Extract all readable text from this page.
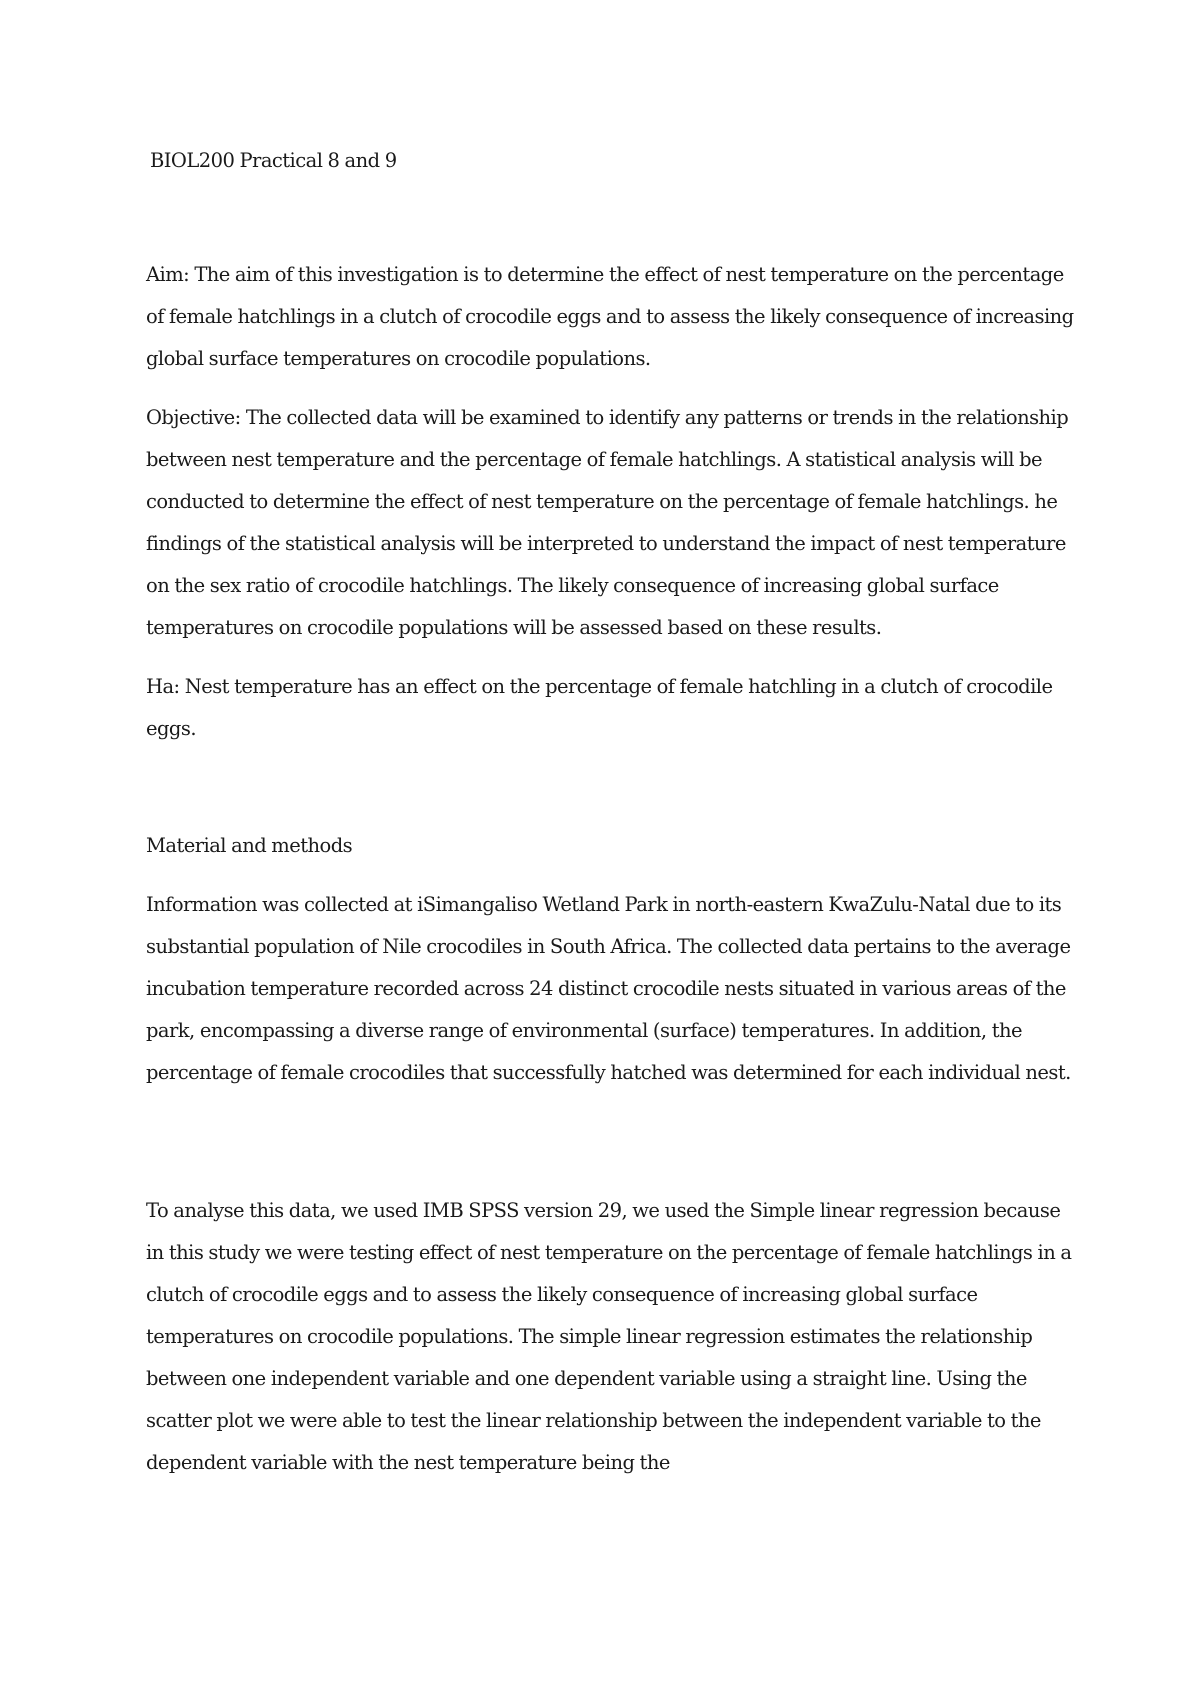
BIOL200 Practical 8 and 9

Aim: The aim of this investigation is to determine the effect of nest temperature on the percentage of female hatchlings in a clutch of crocodile eggs and to assess the likely consequence of increasing global surface temperatures on crocodile populations.

Objective: The collected data will be examined to identify any patterns or trends in the relationship between nest temperature and the percentage of female hatchlings. A statistical analysis will be conducted to determine the effect of nest temperature on the percentage of female hatchlings. he findings of the statistical analysis will be interpreted to understand the impact of nest temperature on the sex ratio of crocodile hatchlings. The likely consequence of increasing global surface temperatures on crocodile populations will be assessed based on these results.

Ha: Nest temperature has an effect on the percentage of female hatchling in a clutch of crocodile eggs.

Material and methods

Information was collected at iSimangaliso Wetland Park in north-eastern KwaZulu-Natal due to its substantial population of Nile crocodiles in South Africa. The collected data pertains to the average incubation temperature recorded across 24 distinct crocodile nests situated in various areas of the park, encompassing a diverse range of environmental (surface) temperatures. In addition, the percentage of female crocodiles that successfully hatched was determined for each individual nest.

To analyse this data, we used IMB SPSS version 29, we used the Simple linear regression because in this study we were testing effect of nest temperature on the percentage of female hatchlings in a clutch of crocodile eggs and to assess the likely consequence of increasing global surface temperatures on crocodile populations. The simple linear regression estimates the relationship between one independent variable and one dependent variable using a straight line. Using the scatter plot we were able to test the linear relationship between the independent variable to the dependent variable with the nest temperature being the
